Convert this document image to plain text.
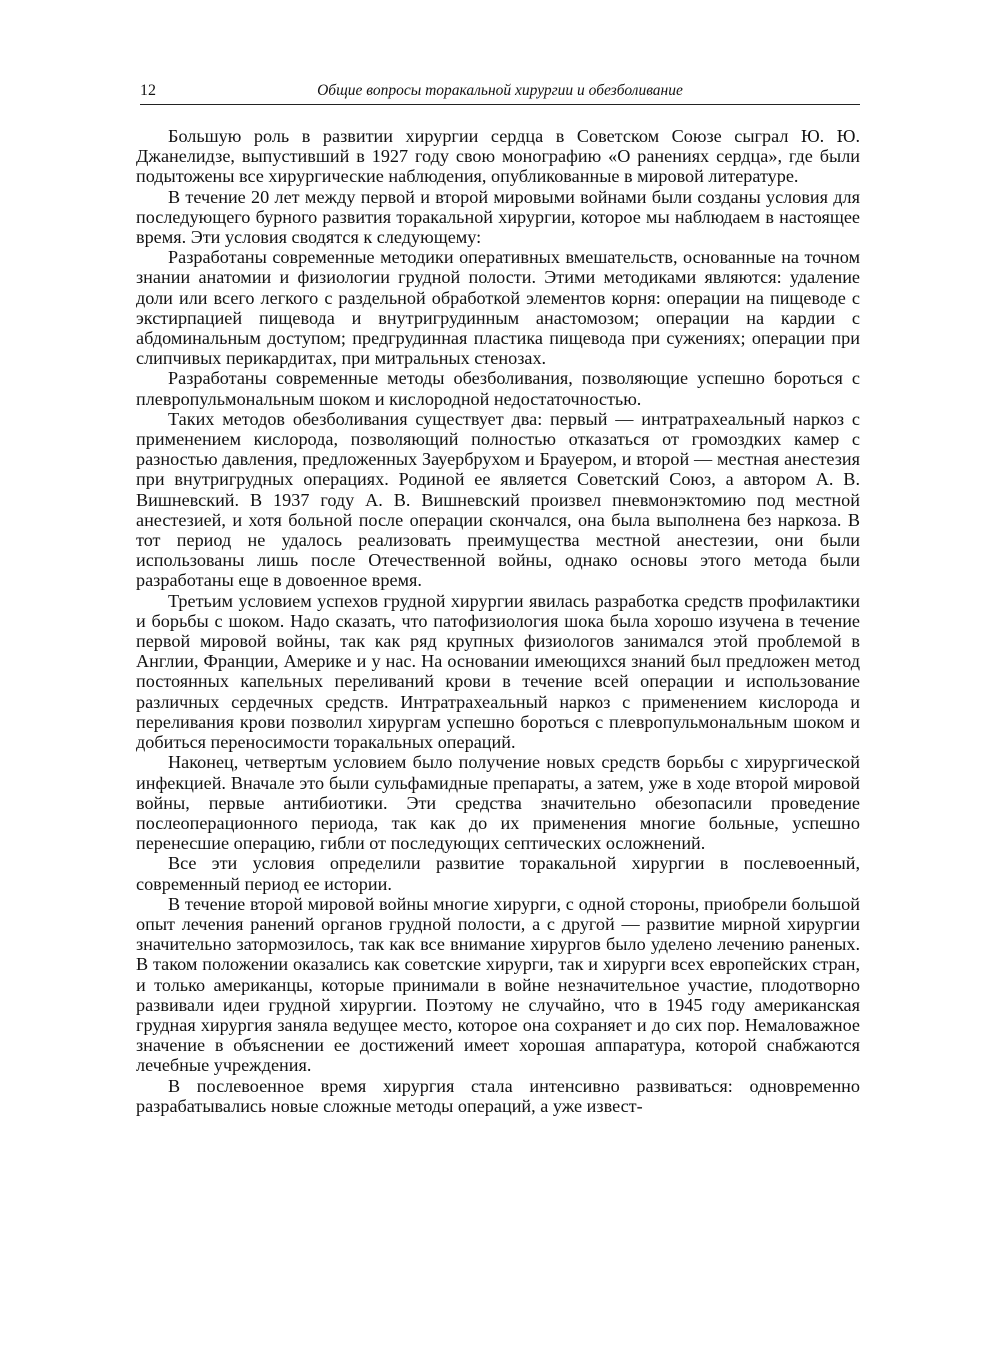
12	Общие вопросы торакальной хирургии и обезболивание

Большую роль в развитии хирургии сердца в Советском Союзе сыграл Ю. Ю. Джанелидзе, выпустивший в 1927 году свою монографию «О ранениях сердца», где были подытожены все хирургические наблюдения, опубликованные в мировой литературе.

В течение 20 лет между первой и второй мировыми войнами были созданы условия для последующего бурного развития торакальной хирургии, которое мы наблюдаем в настоящее время. Эти условия сводятся к следующему:

Разработаны современные методики оперативных вмешательств, основанные на точном знании анатомии и физиологии грудной полости. Этими методиками являются: удаление доли или всего легкого с раздельной обработкой элементов корня: операции на пищеводе с экстирпацией пищевода и внутригрудинным анастомозом; операции на кардии с абдоминальным доступом; предгрудинная пластика пищевода при сужениях; операции при слипчивых перикардитах, при митральных стенозах.

Разработаны современные методы обезболивания, позволяющие успешно бороться с плевропульмональным шоком и кислородной недостаточностью.

Таких методов обезболивания существует два: первый — интратрахеальный наркоз с применением кислорода, позволяющий полностью отказаться от громоздких камер с разностью давления, предложенных Зауербрухом и Брауером, и второй — местная анестезия при внутригрудных операциях. Родиной ее является Советский Союз, а автором А. В. Вишневский. В 1937 году А. В. Вишневский произвел пневмонэктомию под местной анестезией, и хотя больной после операции скончался, она была выполнена без наркоза. В тот период не удалось реализовать преимущества местной анестезии, они были использованы лишь после Отечественной войны, однако основы этого метода были разработаны еще в довоенное время.

Третьим условием успехов грудной хирургии явилась разработка средств профилактики и борьбы с шоком. Надо сказать, что патофизиология шока была хорошо изучена в течение первой мировой войны, так как ряд крупных физиологов занимался этой проблемой в Англии, Франции, Америке и у нас. На основании имеющихся знаний был предложен метод постоянных капельных переливаний крови в течение всей операции и использование различных сердечных средств. Интратрахеальный наркоз с применением кислорода и переливания крови позволил хирургам успешно бороться с плевропульмональным шоком и добиться переносимости торакальных операций.

Наконец, четвертым условием было получение новых средств борьбы с хирургической инфекцией. Вначале это были сульфамидные препараты, а затем, уже в ходе второй мировой войны, первые антибиотики. Эти средства значительно обезопасили проведение послеоперационного периода, так как до их применения многие больные, успешно перенесшие операцию, гибли от последующих септических осложнений.

Все эти условия определили развитие торакальной хирургии в послевоенный, современный период ее истории.

В течение второй мировой войны многие хирурги, с одной стороны, приобрели большой опыт лечения ранений органов грудной полости, а с другой — развитие мирной хирургии значительно затормозилось, так как все внимание хирургов было уделено лечению раненых. В таком положении оказались как советские хирурги, так и хирурги всех европейских стран, и только американцы, которые принимали в войне незначительное участие, плодотворно развивали идеи грудной хирургии. Поэтому не случайно, что в 1945 году американская грудная хирургия заняла ведущее место, которое она сохраняет и до сих пор. Немаловажное значение в объяснении ее достижений имеет хорошая аппаратура, которой снабжаются лечебные учреждения.

В послевоенное время хирургия стала интенсивно развиваться: одновременно разрабатывались новые сложные методы операций, а уже извест-
